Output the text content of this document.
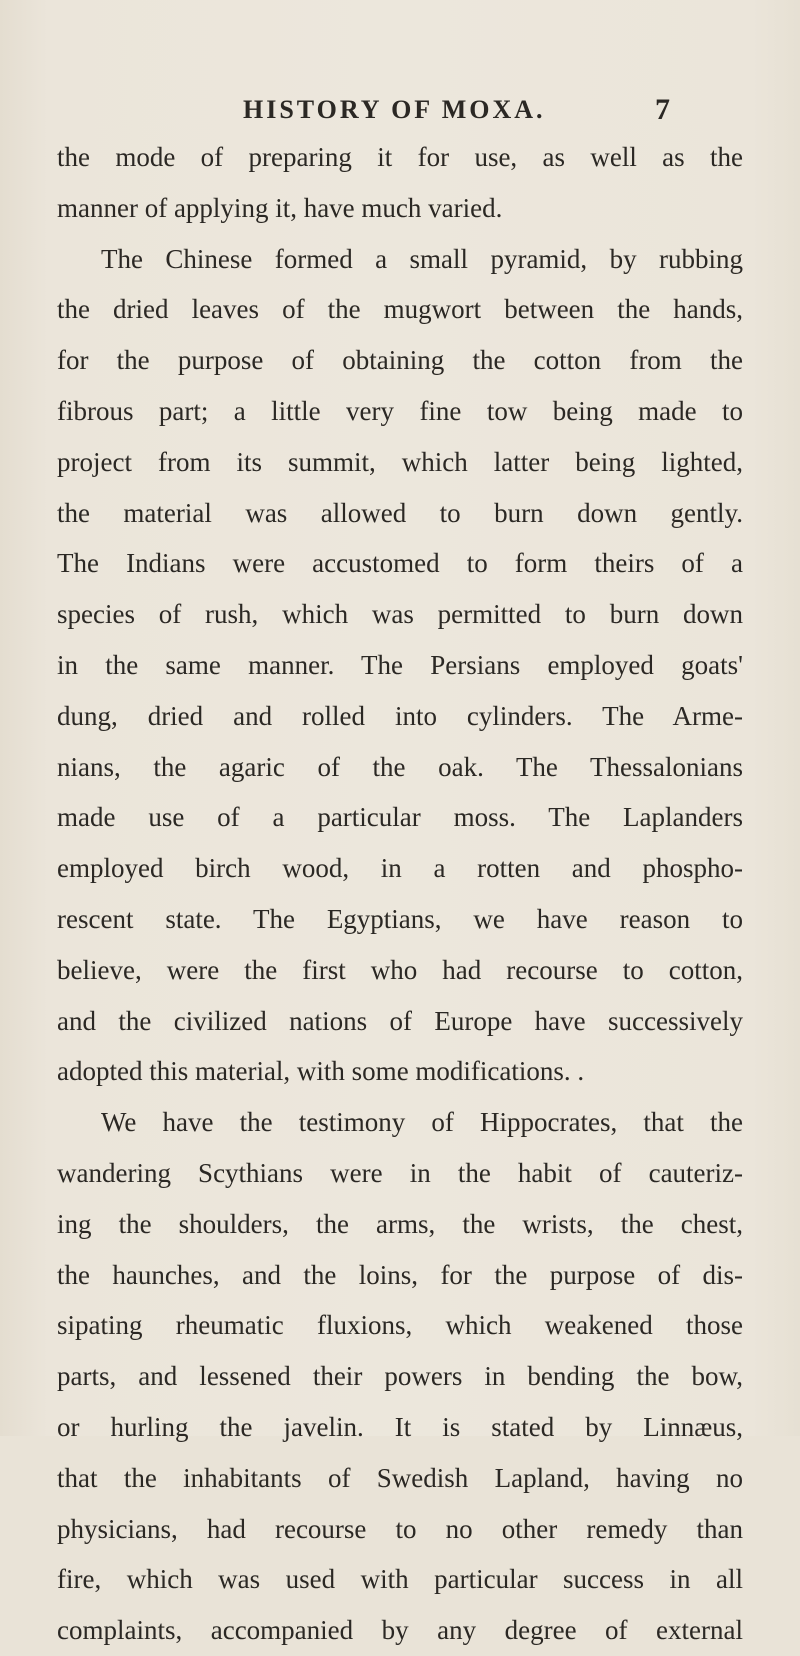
HISTORY OF MOXA.	7
the mode of preparing it for use, as well as the
manner of applying it, have much varied.
The Chinese formed a small pyramid, by rubbing
the dried leaves of the mugwort between the hands,
for the purpose of obtaining the cotton from the
fibrous part; a little very fine tow being made to
project from its summit, which latter being lighted,
the material was allowed to burn down gently.
The Indians were accustomed to form theirs of a
species of rush, which was permitted to burn down
in the same manner. The Persians employed goats'
dung, dried and rolled into cylinders. The Arme-
nians, the agaric of the oak. The Thessalonians
made use of a particular moss. The Laplanders
employed birch wood, in a rotten and phospho-
rescent state. The Egyptians, we have reason to
believe, were the first who had recourse to cotton,
and the civilized nations of Europe have successively
adopted this material, with some modifications. .
We have the testimony of Hippocrates, that the
wandering Scythians were in the habit of cauteriz-
ing the shoulders, the arms, the wrists, the chest,
the haunches, and the loins, for the purpose of dis-
sipating rheumatic fluxions, which weakened those
parts, and lessened their powers in bending the bow,
or hurling the javelin. It is stated by Linnæus,
that the inhabitants of Swedish Lapland, having no
physicians, had recourse to no other remedy than
fire, which was used with particular success in all
complaints, accompanied by any degree of external
